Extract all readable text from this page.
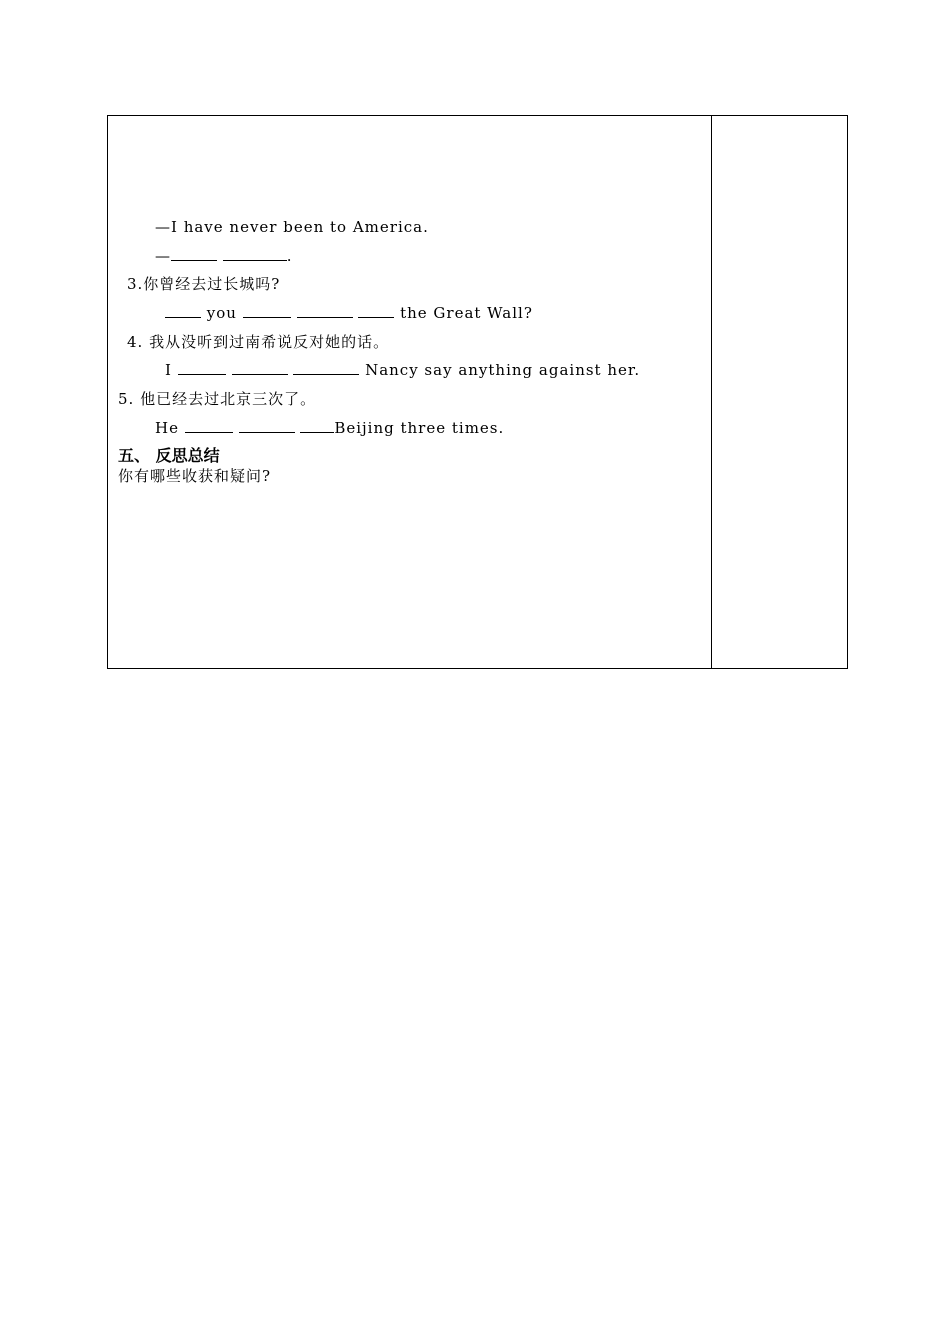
—I have never been to America.
—	.
3.你曾经去过长城吗?
you	the Great Wall?
4. 我从没听到过南希说反对她的话。
I	Nancy say anything against her.
5. 他已经去过北京三次了。
He	Beijing three times.
五、 反思总结
你有哪些收获和疑问?
